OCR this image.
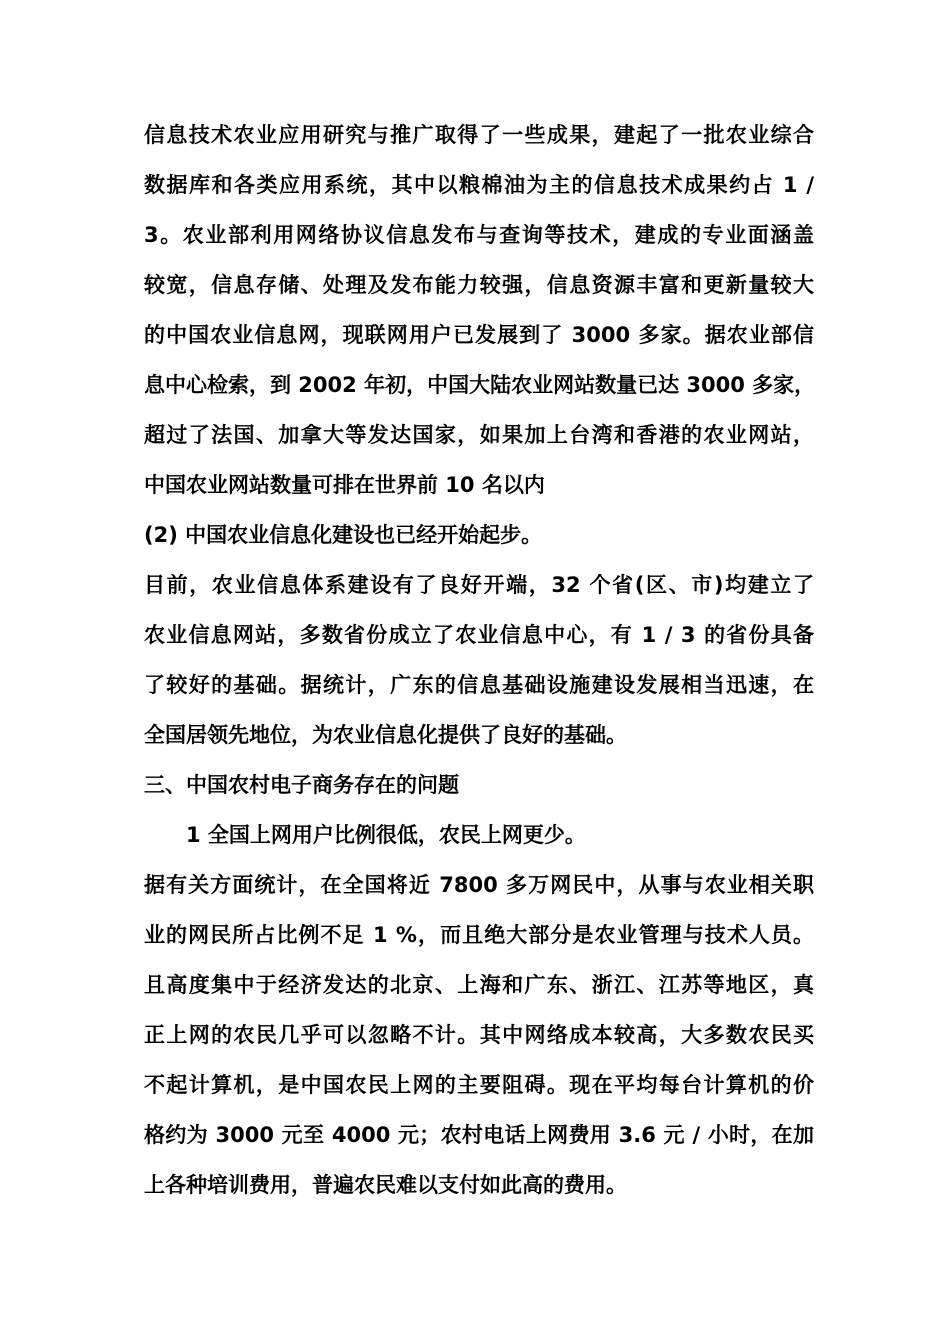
信息技术农业应用研究与推广取得了一些成果，建起了一批农业综合
数据库和各类应用系统，其中以粮棉油为主的信息技术成果约占 1 /
3。农业部利用网络协议信息发布与查询等技术，建成的专业面涵盖
较宽，信息存储、处理及发布能力较强，信息资源丰富和更新量较大
的中国农业信息网，现联网用户已发展到了 3000 多家。据农业部信
息中心检索，到 2002 年初，中国大陆农业网站数量已达 3000 多家，
超过了法国、加拿大等发达国家，如果加上台湾和香港的农业网站，
中国农业网站数量可排在世界前 10 名以内
(2) 中国农业信息化建设也已经开始起步。
目前，农业信息体系建设有了良好开端，32 个省(区、市)均建立了
农业信息网站，多数省份成立了农业信息中心，有 1 / 3 的省份具备
了较好的基础。据统计，广东的信息基础设施建设发展相当迅速，在
全国居领先地位，为农业信息化提供了良好的基础。
三、中国农村电子商务存在的问题
1 全国上网用户比例很低，农民上网更少。
据有关方面统计，在全国将近 7800 多万网民中，从事与农业相关职
业的网民所占比例不足 1 %，而且绝大部分是农业管理与技术人员。
且高度集中于经济发达的北京、上海和广东、浙江、江苏等地区，真
正上网的农民几乎可以忽略不计。其中网络成本较高，大多数农民买
不起计算机，是中国农民上网的主要阻碍。现在平均每台计算机的价
格约为 3000 元至 4000 元；农村电话上网费用 3.6 元 / 小时，在加
上各种培训费用，普遍农民难以支付如此高的费用。
